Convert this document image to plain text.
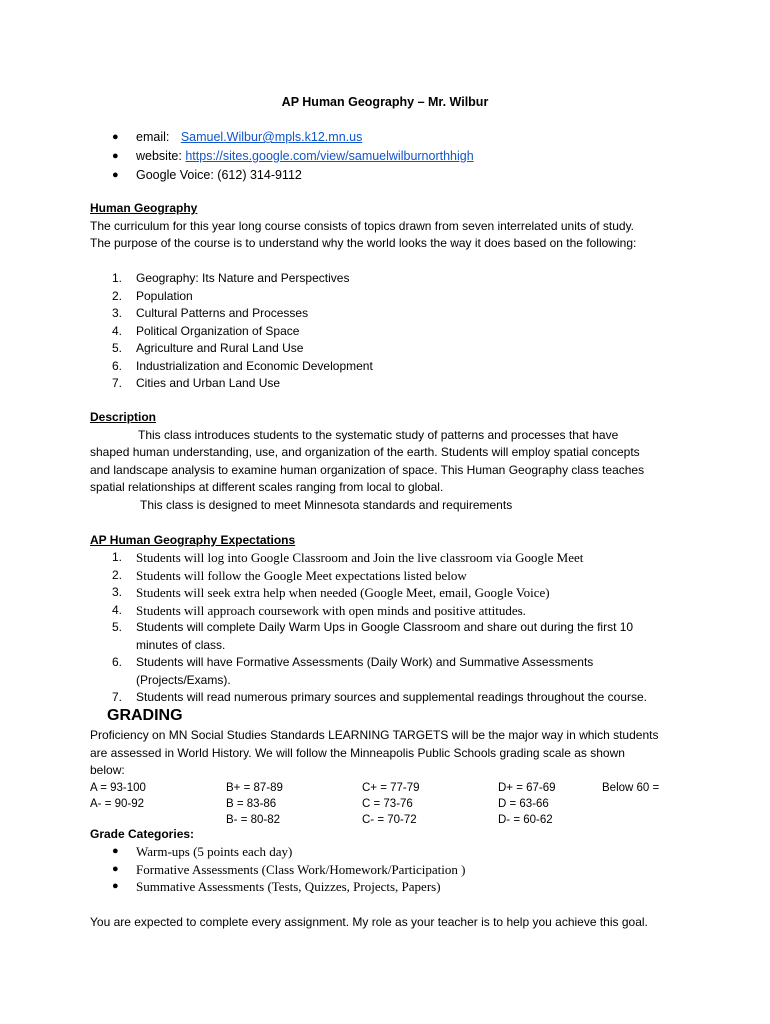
AP Human Geography – Mr. Wilbur
● email: Samuel.Wilbur@mpls.k12.mn.us
● website: https://sites.google.com/view/samuelwilburnorthhigh
● Google Voice: (612) 314-9112
Human Geography
The curriculum for this year long course consists of topics drawn from seven interrelated units of study.
The purpose of the course is to understand why the world looks the way it does based on the following:
1. Geography: Its Nature and Perspectives
2. Population
3. Cultural Patterns and Processes
4. Political Organization of Space
5. Agriculture and Rural Land Use
6. Industrialization and Economic Development
7. Cities and Urban Land Use
Description
This class introduces students to the systematic study of patterns and processes that have
shaped human understanding, use, and organization of the earth. Students will employ spatial concepts
and landscape analysis to examine human organization of space. This Human Geography class teaches
spatial relationships at different scales ranging from local to global.
This class is designed to meet Minnesota standards and requirements
AP Human Geography Expectations
1. Students will log into Google Classroom and Join the live classroom via Google Meet
2. Students will follow the Google Meet expectations listed below
3. Students will seek extra help when needed (Google Meet, email, Google Voice)
4. Students will approach coursework with open minds and positive attitudes.
5. Students will complete Daily Warm Ups in Google Classroom and share out during the first 10
minutes of class.
6. Students will have Formative Assessments (Daily Work) and Summative Assessments
(Projects/Exams).
7. Students will read numerous primary sources and supplemental readings throughout the course.
GRADING
Proficiency on MN Social Studies Standards LEARNING TARGETS will be the major way in which students
are assessed in World History. We will follow the Minneapolis Public Schools grading scale as shown
below:
A = 93-100
A- = 90-92
B+ = 87-89
B = 83-86
B- = 80-82
C+ = 77-79
C = 73-76
C- = 70-72
D+ = 67-69
D = 63-66
D- = 60-62
Below 60 =
Grade Categories:
● Warm-ups (5 points each day)
● Formative Assessments (Class Work/Homework/Participation )
● Summative Assessments (Tests, Quizzes, Projects, Papers)
You are expected to complete every assignment. My role as your teacher is to help you achieve this goal.
